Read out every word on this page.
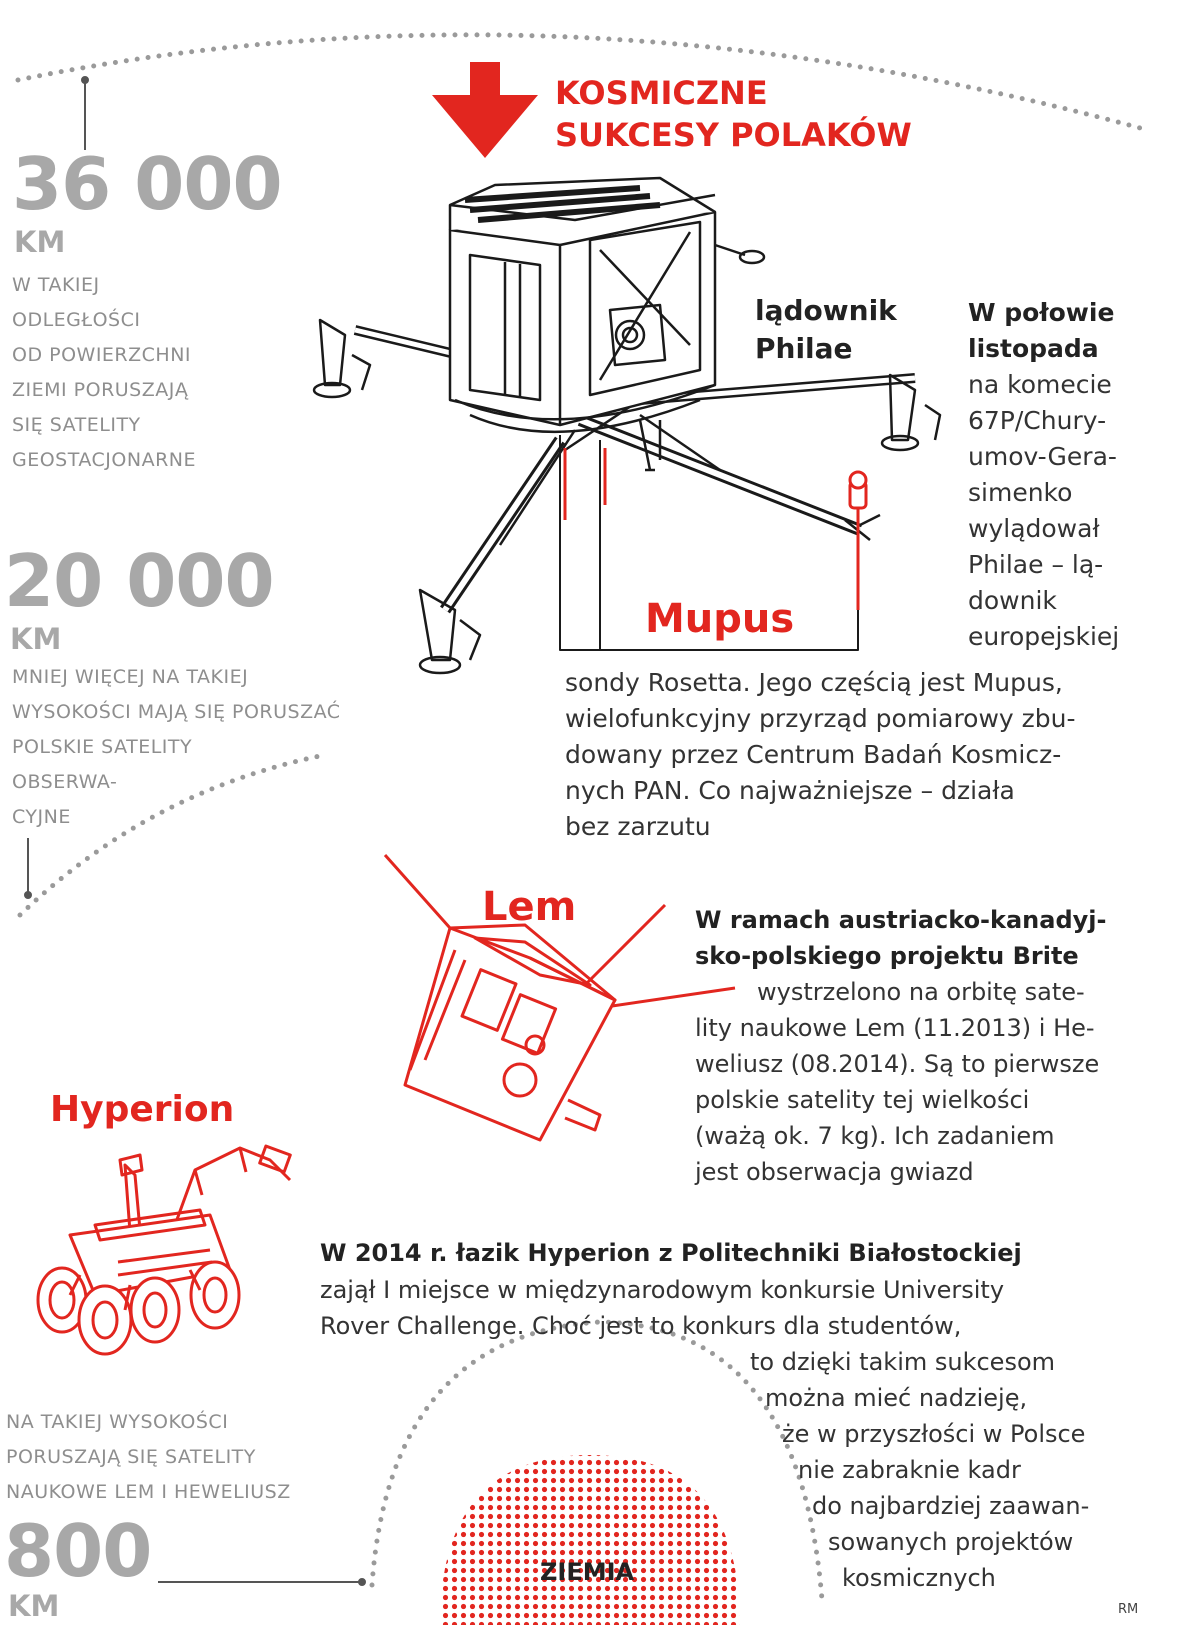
KOSMICZNE
SUKCESY POLAKÓW
36 000
KM
W TAKIEJ
ODLEGŁOŚCI
OD POWIERZCHNI
ZIEMI PORUSZAJĄ
SIĘ SATELITY
GEOSTACJONARNE
20 000
KM
MNIEJ WIĘCEJ NA TAKIEJ
WYSOKOŚCI MAJĄ SIĘ PORUSZAĆ
POLSKIE SATELITY
OBSERWA-
CYJNE
lądownik
Philae
Mupus
W połowie
listopada
na komecie
67P/Chury-
umov-Gera-
simenko
wylądował
Philae – lą-
downik
europejskiej
sondy Rosetta. Jego częścią jest Mupus,
wielofunkcyjny przyrząd pomiarowy zbu-
dowany przez Centrum Badań Kosmicz-
nych PAN. Co najważniejsze – działa
bez zarzutu
Lem	W ramach austriacko-kanadyj-
sko-polskiego projektu Brite
wystrzelono na orbitę sate-
lity naukowe Lem (11.2013) i He-
weliusz (08.2014). Są to pierwsze
polskie satelity tej wielkości
(ważą ok. 7 kg). Ich zadaniem
jest obserwacja gwiazd
Hyperion
W 2014 r. łazik Hyperion z Politechniki Białostockiej
zajął I miejsce w międzynarodowym konkursie University
Rover Challenge. Choć jest to konkurs dla studentów,
to dzięki takim sukcesom
można mieć nadzieję,
że w przyszłości w Polsce
nie zabraknie kadr
do najbardziej zaawan-
sowanych projektów
kosmicznych
NA TAKIEJ WYSOKOŚCI
PORUSZAJĄ SIĘ SATELITY
NAUKOWE LEM I HEWELIUSZ
800
KM
ZIEMIA
RM
